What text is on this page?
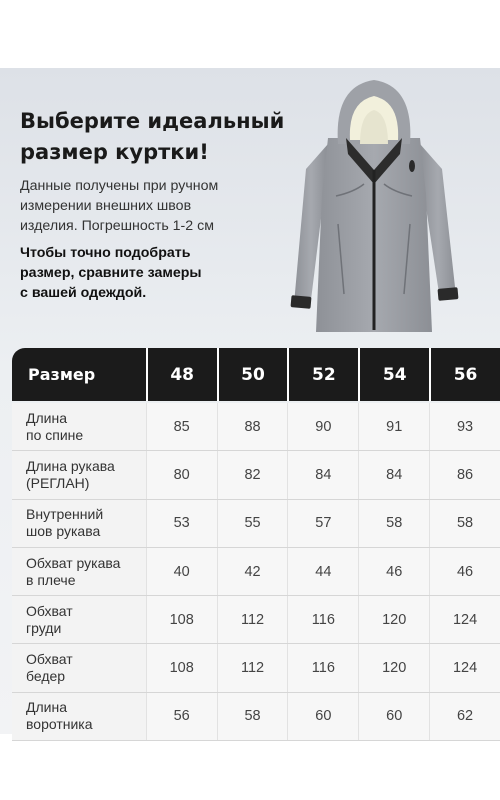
Выберите идеальный
размер куртки!
Данные получены при ручном
измерении внешних швов
изделия. Погрешность 1-2 см
Чтобы точно подобрать
размер, сравните замеры
с вашей одеждой.
Размер	48	50	52	54	56
Длина
по спине	85	88	90	91	93
Длина рукава
(РЕГЛАН)	80	82	84	84	86
Внутренний
шов рукава	53	55	57	58	58
Обхват рукава
в плече	40	42	44	46	46
Обхват
груди	108	112	116	120	124
Обхват
бедер	108	112	116	120	124
Длина
воротника	56	58	60	60	62
